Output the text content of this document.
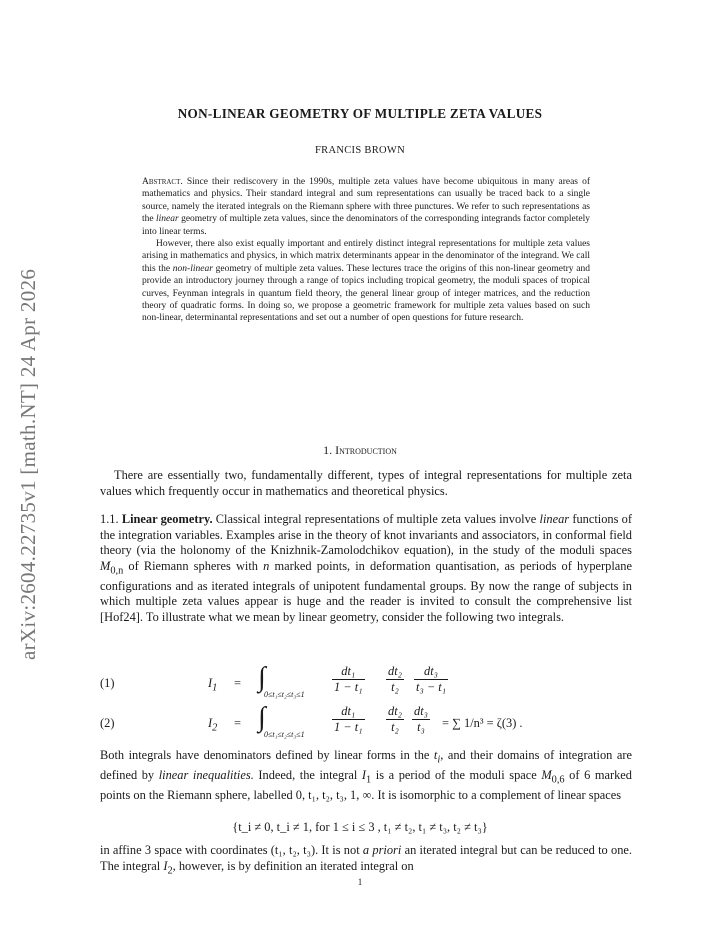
arXiv:2604.22735v1 [math.NT] 24 Apr 2026
NON-LINEAR GEOMETRY OF MULTIPLE ZETA VALUES
FRANCIS BROWN

Abstract. Since their rediscovery in the 1990s, multiple zeta values have become ubiquitous in many areas of mathematics and physics. Their standard integral and sum representations can usually be traced back to a single source, namely the iterated integrals on the Riemann sphere with three punctures. We refer to such representations as the linear geometry of multiple zeta values, since the denominators of the corresponding integrands factor completely into linear terms.

However, there also exist equally important and entirely distinct integral representations for multiple zeta values arising in mathematics and physics, in which matrix determinants appear in the denominator of the integrand. We call this the non-linear geometry of multiple zeta values. These lectures trace the origins of this non-linear geometry and provide an introductory journey through a range of topics including tropical geometry, the moduli spaces of tropical curves, Feynman integrals in quantum field theory, the general linear group of integer matrices, and the reduction theory of quadratic forms. In doing so, we propose a geometric framework for multiple zeta values based on such non-linear, determinantal representations and set out a number of open questions for future research.

1. Introduction

There are essentially two, fundamentally different, types of integral representations for multiple zeta values which frequently occur in mathematics and theoretical physics.

1.1. Linear geometry. Classical integral representations of multiple zeta values involve linear functions of the integration variables. Examples arise in the theory of knot invariants and associators, in conformal field theory (via the holonomy of the Knizhnik-Zamolodchikov equation), in the study of the moduli spaces $M_{0,n}$ of Riemann spheres with n marked points, in deformation quantisation, as periods of hyperplane configurations and as iterated integrals of unipotent fundamental groups. By now the range of subjects in which multiple zeta values appear is huge and the reader is invited to consult the comprehensive list [Hof24]. To illustrate what we mean by linear geometry, consider the following two integrals.

(1)	$I_1$ = ∫
$0\le t_1\le t_2\le t_3\le 1 \frac{\text{dt₁}}{\text{1 − t₁}} \frac{\text{dt₂}}{\text{t₂}} \frac{\text{dt₃}}{\text{t₃ − t₁}}$
(2)	$I_2$ = ∫
$0\le t_1\le t_2\le t_3\le 1 \frac{\text{dt₁}}{\text{1 − t₁}} \frac{\text{dt₂}}{\text{t₂}} \frac{\text{dt₃}}{\text{t₃}}$ = ∑ 1/n³ = ζ(3) .

Both integrals have denominators defined by linear forms in the $t_i$, and their domains of integration are defined by linear inequalities. Indeed, the integral $I_1$ is a period of the moduli space $M_{0,6}$ of 6 marked points on the Riemann sphere, labelled 0, t₁, t₂, t₃, 1, ∞. It is isomorphic to a complement of linear spaces

{t_i ≠ 0, t_i ≠ 1, for 1 ≤ i ≤ 3 , t₁ ≠ t₂, t₁ ≠ t₃, t₂ ≠ t₃}

in affine 3 space with coordinates (t₁, t₂, t₃). It is not a priori an iterated integral but can be reduced to one. The integral $I_2$, however, is by definition an iterated integral on

1
